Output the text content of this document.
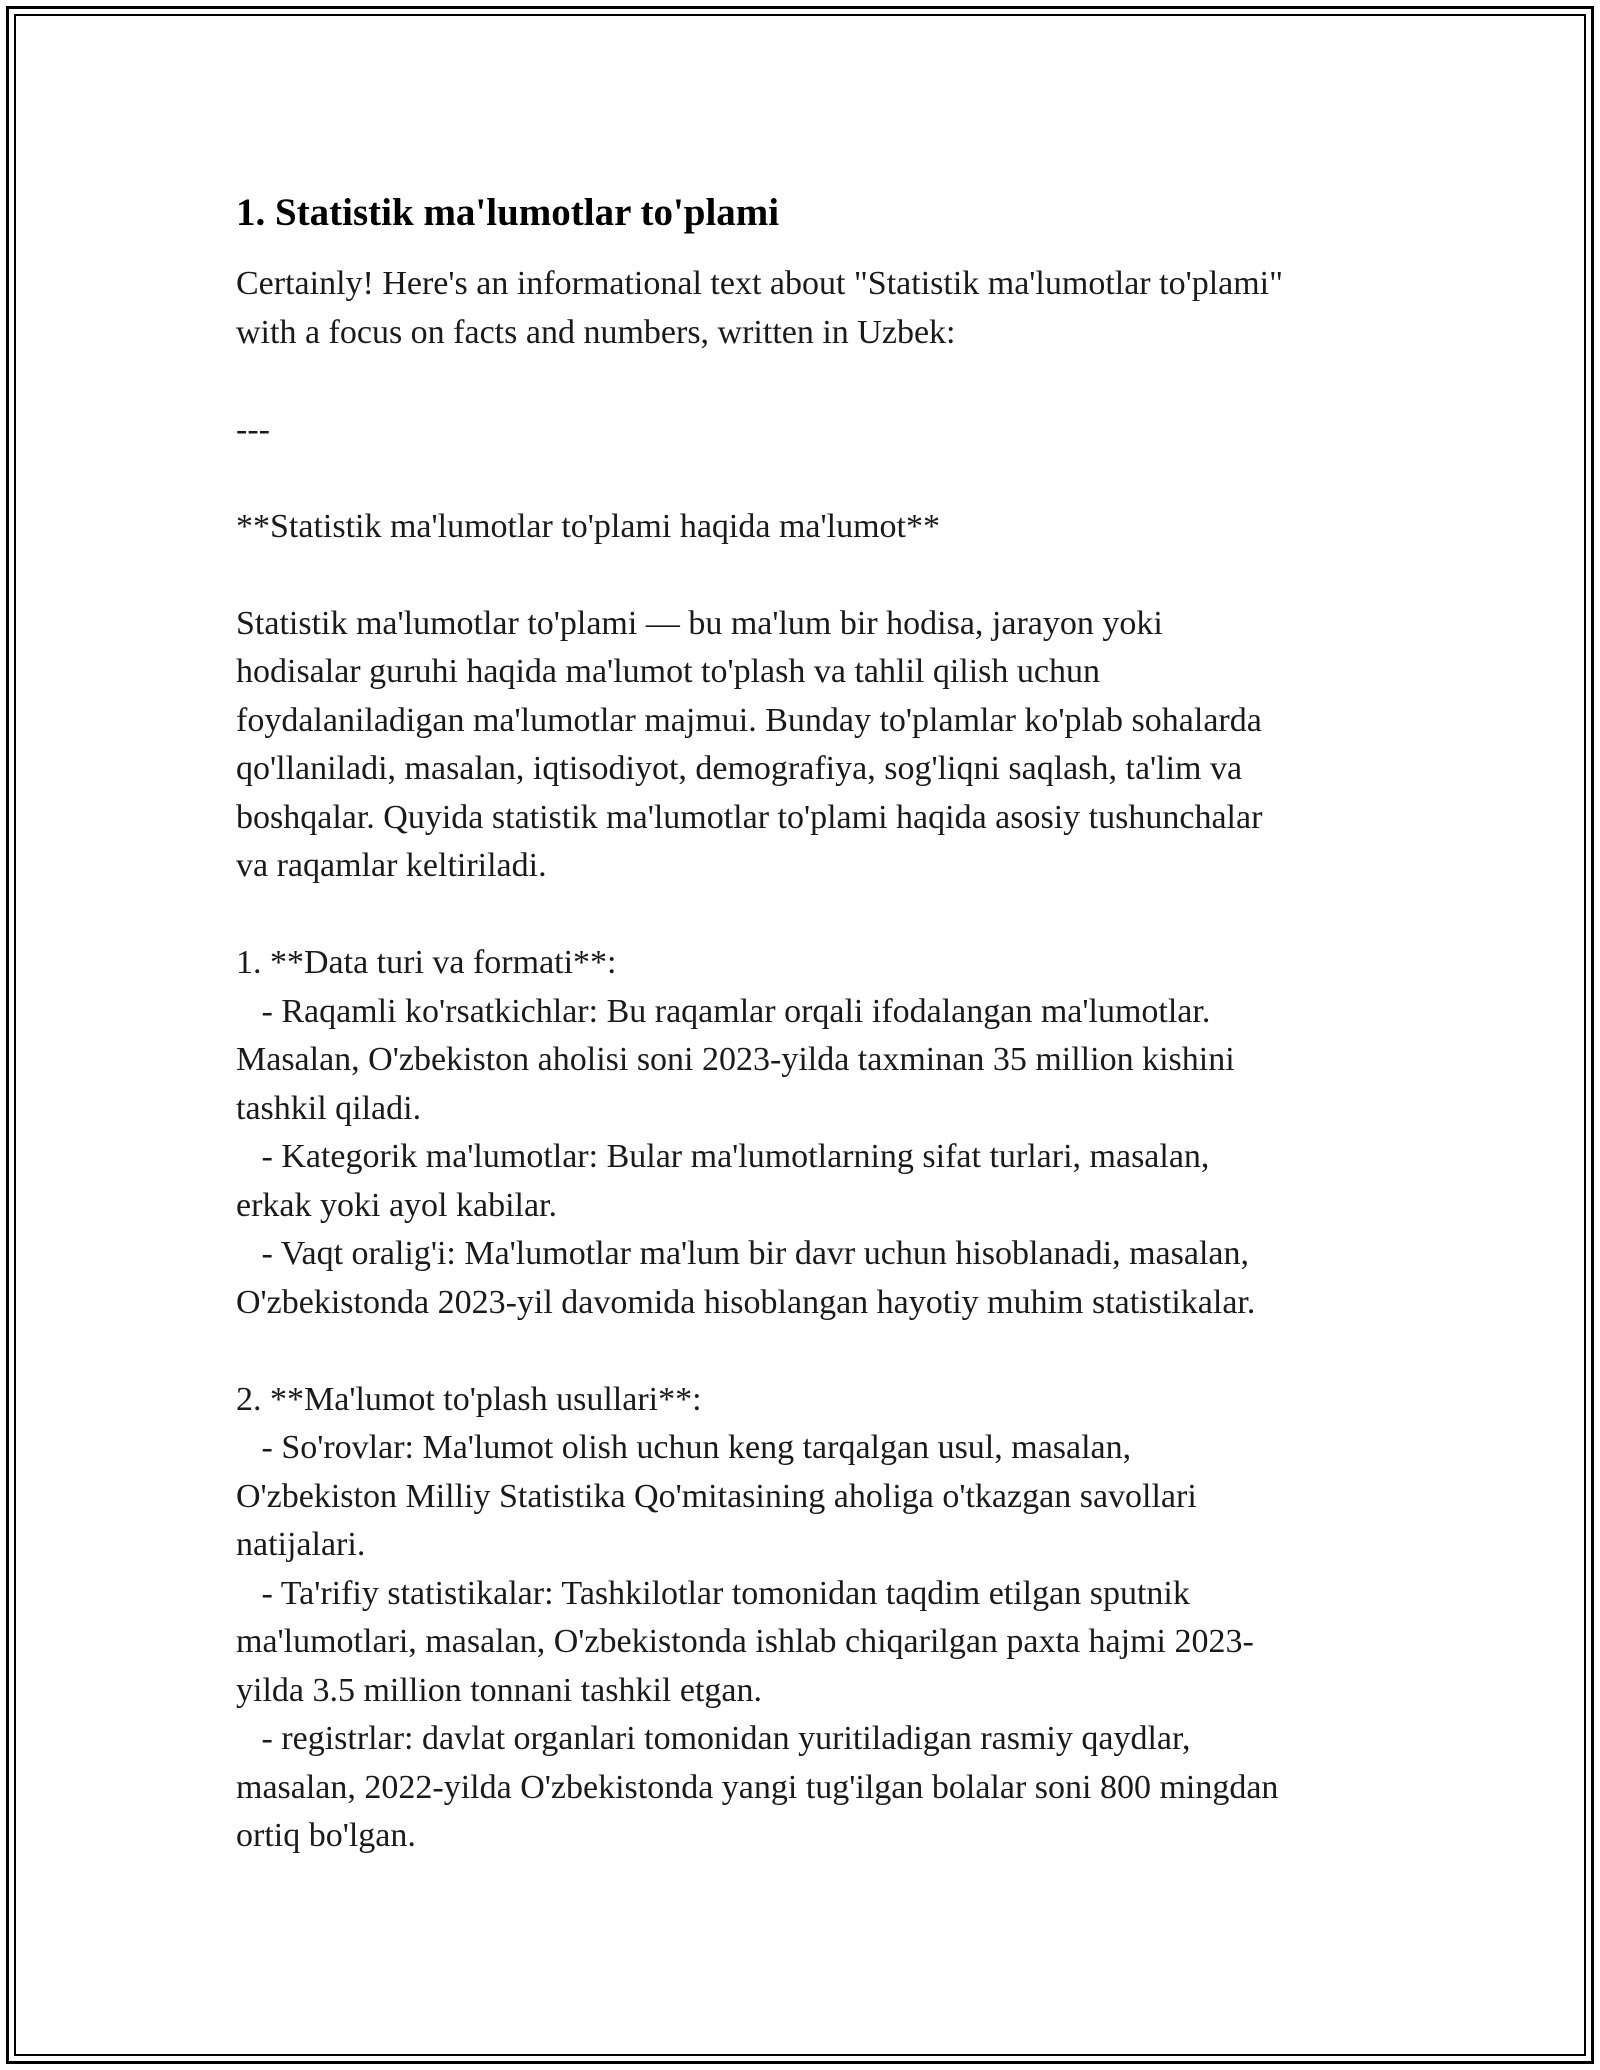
1. Statistik ma'lumotlar to'plami

Certainly! Here's an informational text about "Statistik ma'lumotlar to'plami"
with a focus on facts and numbers, written in Uzbek:

---

**Statistik ma'lumotlar to'plami haqida ma'lumot**

Statistik ma'lumotlar to'plami — bu ma'lum bir hodisa, jarayon yoki
hodisalar guruhi haqida ma'lumot to'plash va tahlil qilish uchun
foydalaniladigan ma'lumotlar majmui. Bunday to'plamlar ko'plab sohalarda
qo'llaniladi, masalan, iqtisodiyot, demografiya, sog'liqni saqlash, ta'lim va
boshqalar. Quyida statistik ma'lumotlar to'plami haqida asosiy tushunchalar
va raqamlar keltiriladi.

1. **Data turi va formati**:

- Raqamli ko'rsatkichlar: Bu raqamlar orqali ifodalangan ma'lumotlar.
Masalan, O'zbekiston aholisi soni 2023-yilda taxminan 35 million kishini
tashkil qiladi.

- Kategorik ma'lumotlar: Bular ma'lumotlarning sifat turlari, masalan,
erkak yoki ayol kabilar.

- Vaqt oralig'i: Ma'lumotlar ma'lum bir davr uchun hisoblanadi, masalan,
O'zbekistonda 2023-yil davomida hisoblangan hayotiy muhim statistikalar.

2. **Ma'lumot to'plash usullari**:

- So'rovlar: Ma'lumot olish uchun keng tarqalgan usul, masalan,
O'zbekiston Milliy Statistika Qo'mitasining aholiga o'tkazgan savollari
natijalari.

- Ta'rifiy statistikalar: Tashkilotlar tomonidan taqdim etilgan sputnik
ma'lumotlari, masalan, O'zbekistonda ishlab chiqarilgan paxta hajmi 2023-
yilda 3.5 million tonnani tashkil etgan.

- registrlar: davlat organlari tomonidan yuritiladigan rasmiy qaydlar,
masalan, 2022-yilda O'zbekistonda yangi tug'ilgan bolalar soni 800 mingdan
ortiq bo'lgan.
